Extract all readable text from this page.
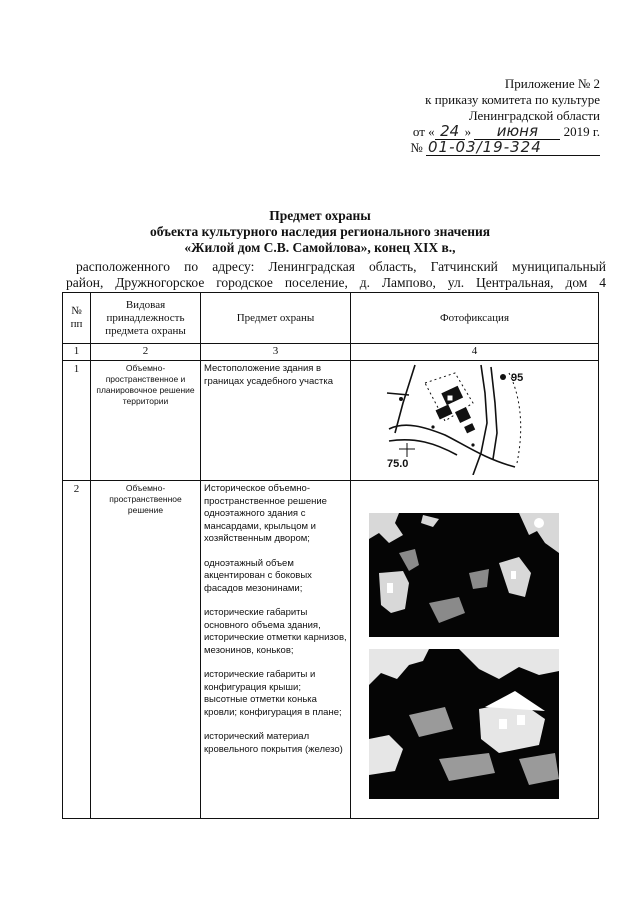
Приложение № 2
к приказу комитета по культуре
Ленинградской области
от « 24 » июня 2019 г.
№ 01-03/19-324
Предмет охраны
объекта культурного наследия регионального значения
«Жилой дом С.В. Самойлова», конец XIX в.,
расположенного по адресу: Ленинградская область, Гатчинский муниципальный
район, Дружногорское городское поселение, д. Лампово, ул. Центральная, дом 4
№ пп	Видовая принадлежность предмета охраны	Предмет охраны	Фотофиксация
1	2	3	4
1	Объемно-пространственное и планировочное решение территории	Местоположение здания в границах усадебного участка	95
75.0

2	Объемно-пространственное решение	Историческое объемно-пространственное решение одноэтажного здания с мансардами, крыльцом и хозяйственным двором;

одноэтажный объем акцентирован с боковых фасадов мезонинами;

исторические габариты основного объема здания, исторические отметки карнизов, мезонинов, коньков;

исторические габариты и конфигурация крыши; высотные отметки конька кровли; конфигурация в плане;

исторический материал кровельного покрытия (железо)
